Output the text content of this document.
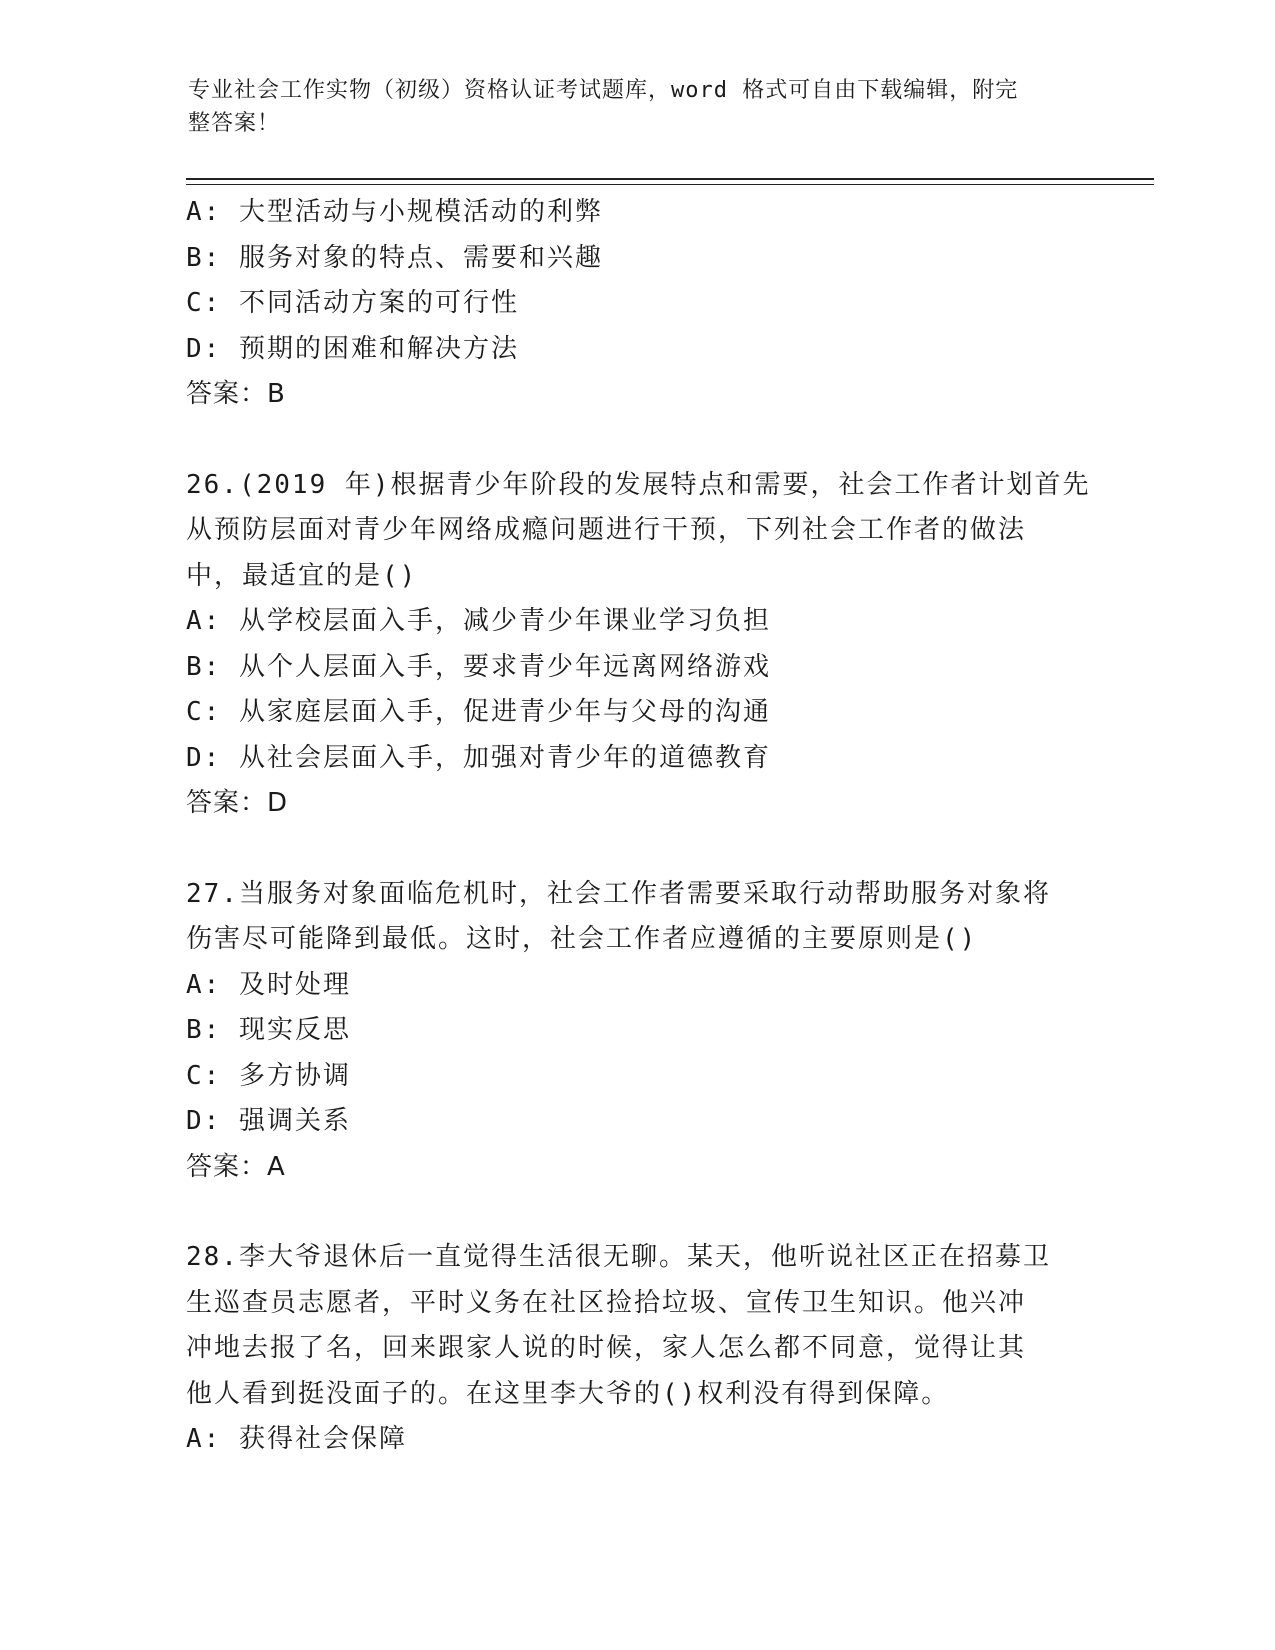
专业社会工作实物（初级）资格认证考试题库，word 格式可自由下载编辑，附完
整答案！
A: 大型活动与小规模活动的利弊
B: 服务对象的特点、需要和兴趣
C: 不同活动方案的可行性
D: 预期的困难和解决方法
答案：B
26.(2019 年)根据青少年阶段的发展特点和需要，社会工作者计划首先
从预防层面对青少年网络成瘾问题进行干预，下列社会工作者的做法
中，最适宜的是()
A: 从学校层面入手，减少青少年课业学习负担
B: 从个人层面入手，要求青少年远离网络游戏
C: 从家庭层面入手，促进青少年与父母的沟通
D: 从社会层面入手，加强对青少年的道德教育
答案：D
27.当服务对象面临危机时，社会工作者需要采取行动帮助服务对象将
伤害尽可能降到最低。这时，社会工作者应遵循的主要原则是()
A: 及时处理
B: 现实反思
C: 多方协调
D: 强调关系
答案：A
28.李大爷退休后一直觉得生活很无聊。某天，他听说社区正在招募卫
生巡查员志愿者，平时义务在社区捡拾垃圾、宣传卫生知识。他兴冲
冲地去报了名，回来跟家人说的时候，家人怎么都不同意，觉得让其
他人看到挺没面子的。在这里李大爷的()权利没有得到保障。
A: 获得社会保障
